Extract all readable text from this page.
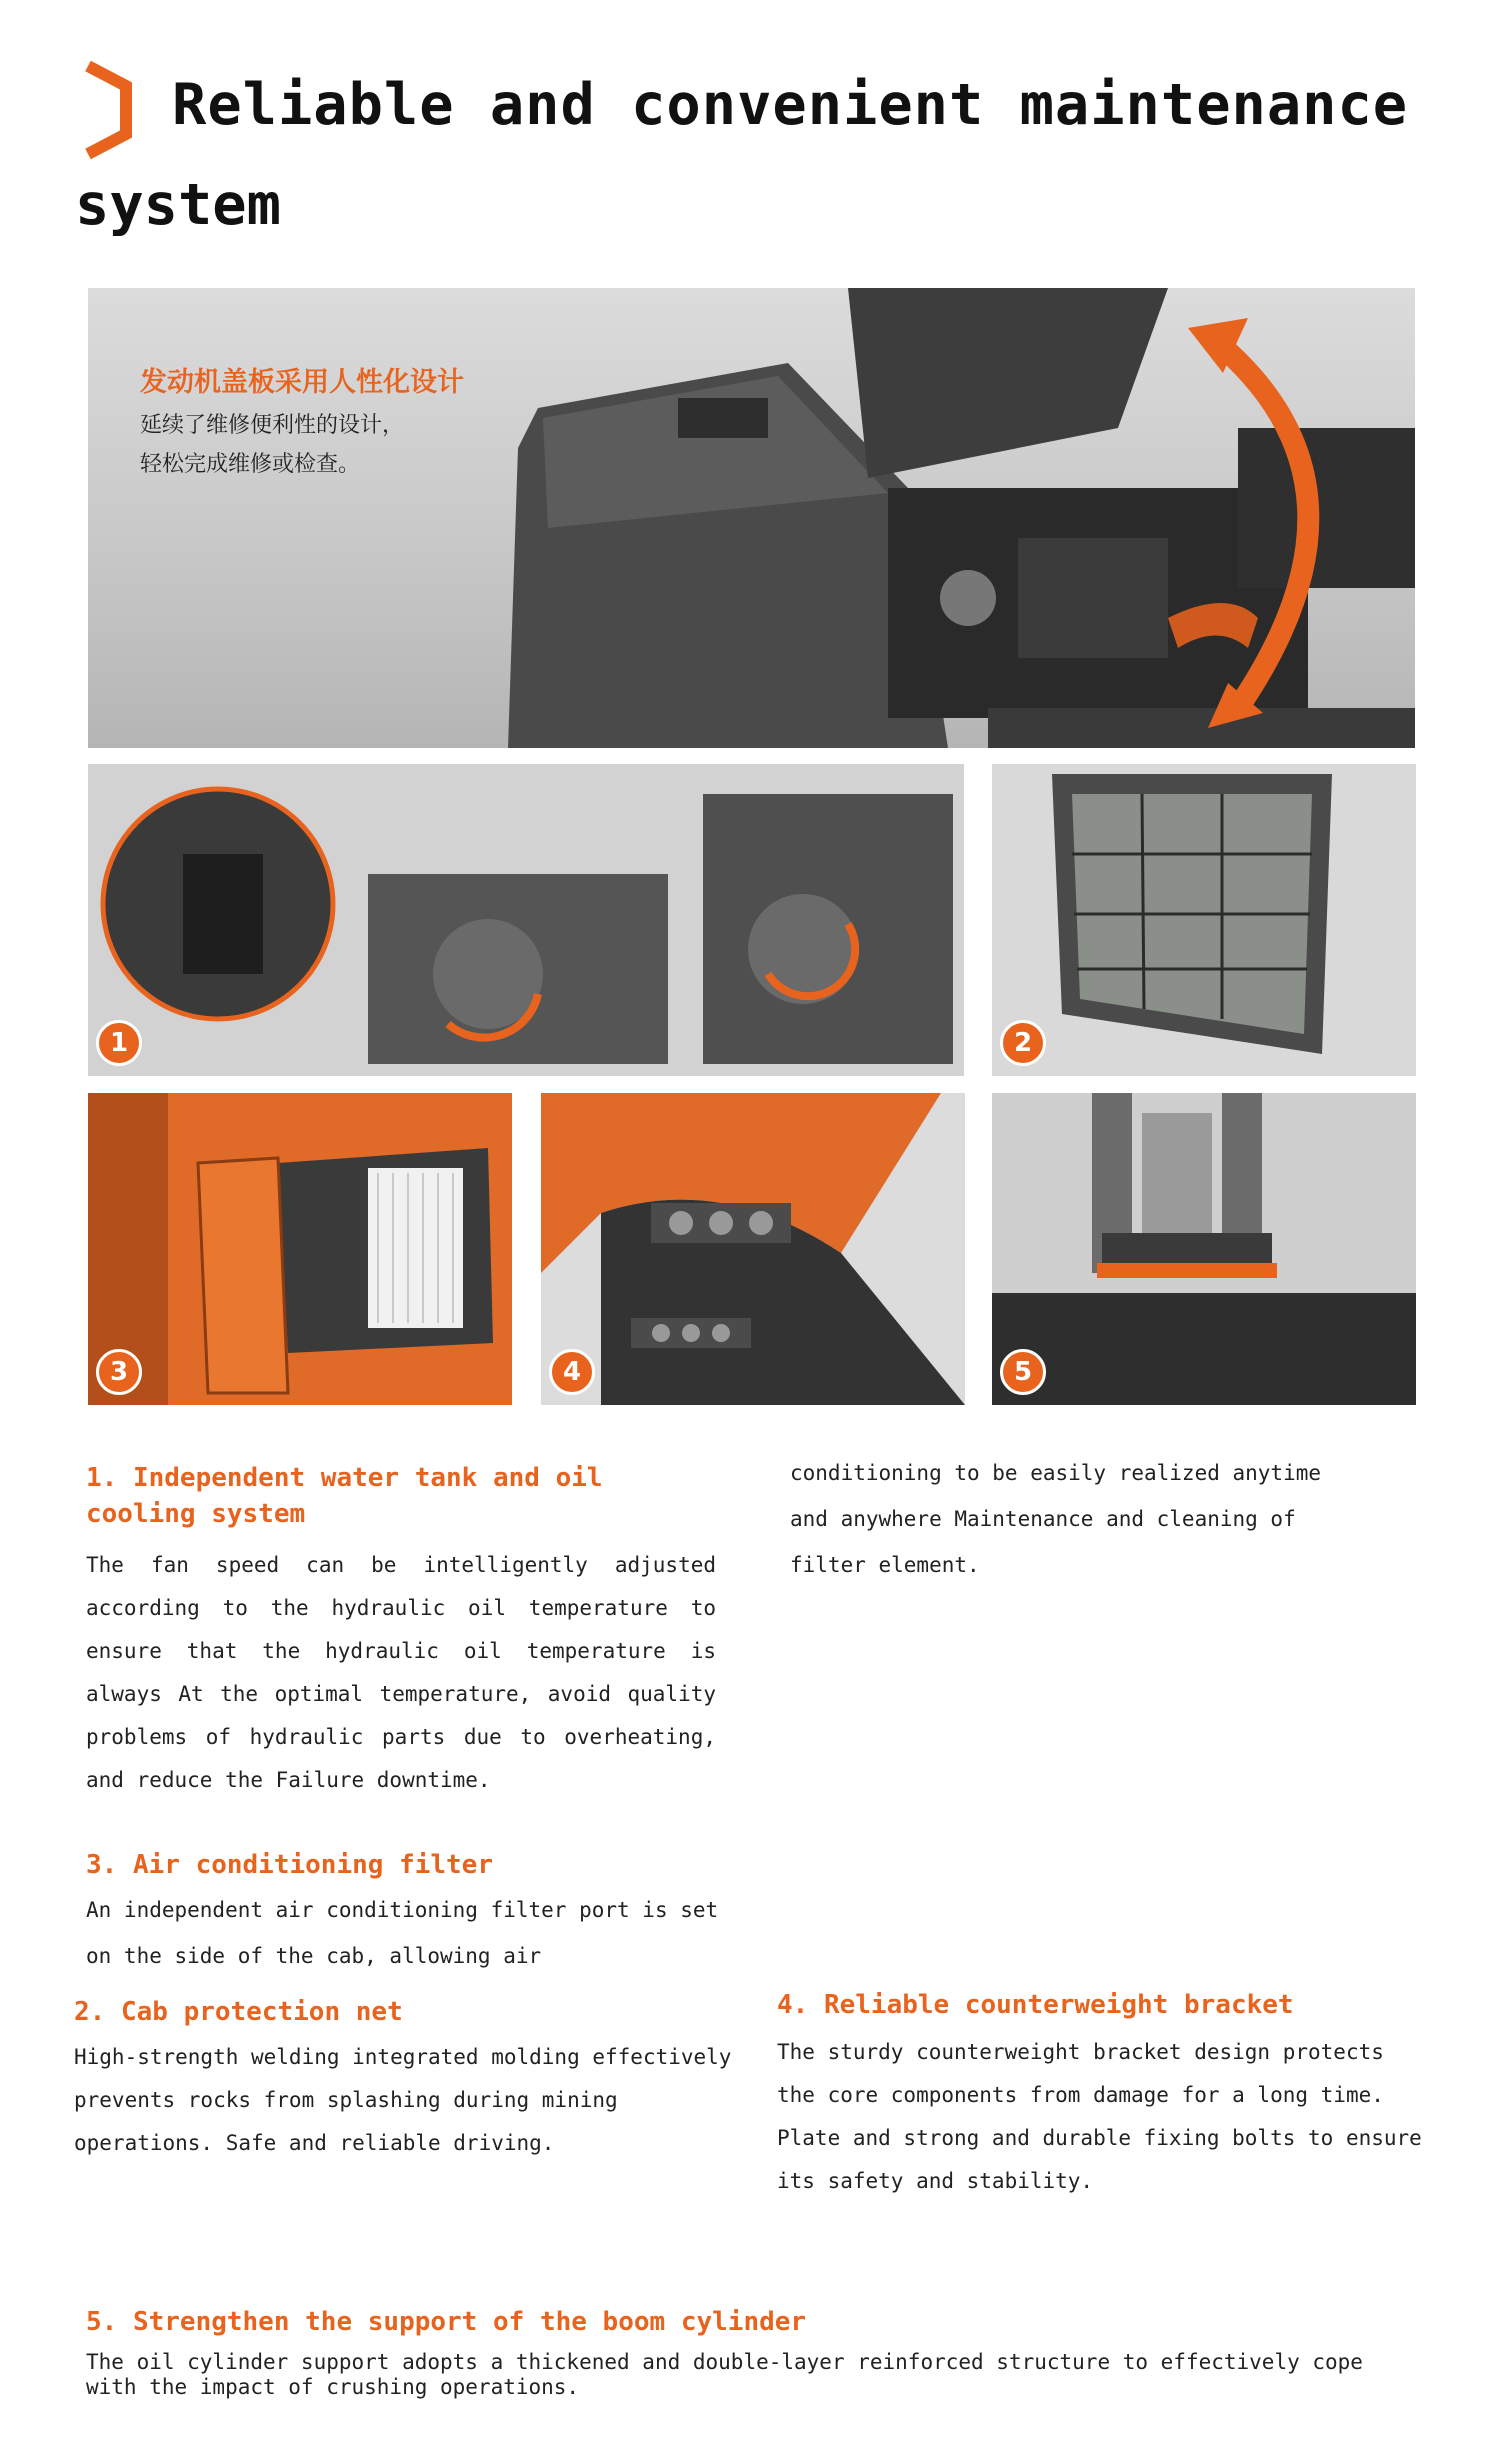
Reliable and convenient maintenance
system
发动机盖板采用人性化设计
延续了维修便利性的设计，
轻松完成维修或检查。
1	2
3	4	5
1. Independent water tank and oil cooling system
The fan speed can be intelligently adjusted according to the hydraulic oil temperature to ensure that the hydraulic oil temperature is always At the optimal temperature, avoid quality problems of hydraulic parts due to overheating, and reduce the Failure downtime.
conditioning to be easily realized anytime and anywhere Maintenance and cleaning of filter element.
3. Air conditioning filter
An independent air conditioning filter port is set on the side of the cab, allowing air
2. Cab protection net
High-strength welding integrated molding effectively prevents rocks from splashing during mining operations. Safe and reliable driving.
4. Reliable counterweight bracket
The sturdy counterweight bracket design protects the core components from damage for a long time. Plate and strong and durable fixing bolts to ensure its safety and stability.
5. Strengthen the support of the boom cylinder
The oil cylinder support adopts a thickened and double-layer reinforced structure to effectively cope with the impact of crushing operations.
